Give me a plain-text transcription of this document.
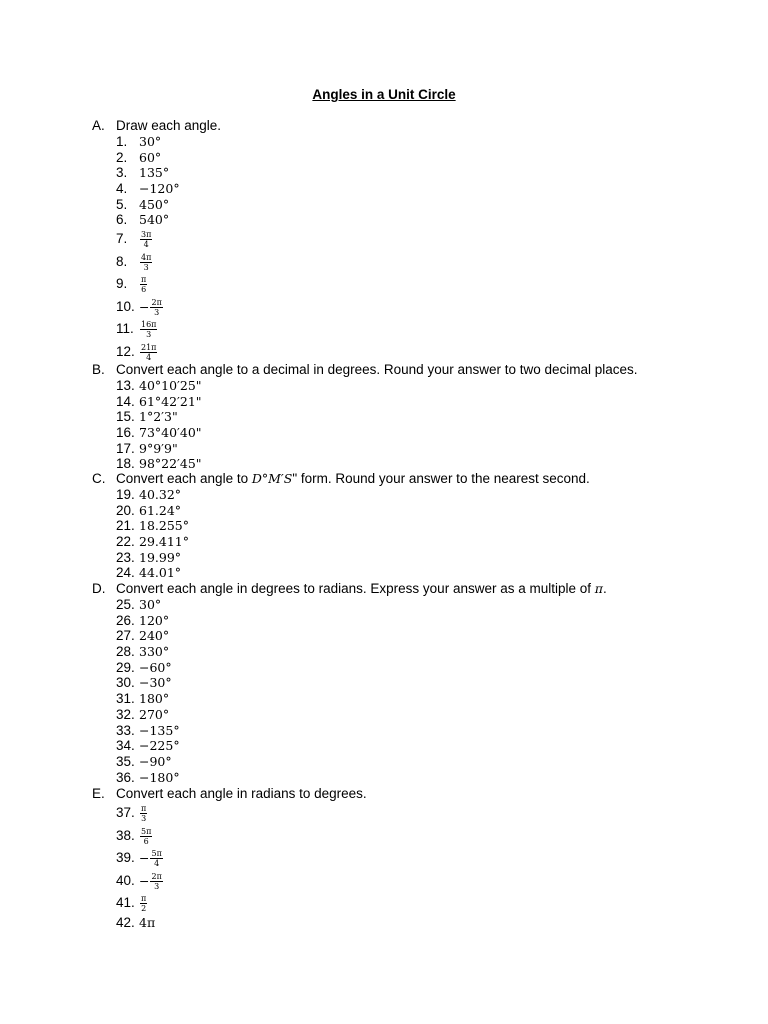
Angles in a Unit Circle
A. Draw each angle.
1. 30°
2. 60°
3. 135°
4. −120°
5. 450°
6. 540°
7. $\frac{3\pi}{4}$
8. $\frac{4\pi}{3}$
9. $\frac{\pi}{6}$
10. − $\frac{2\pi}{3}$
11. $\frac{16\pi}{3}$
12. $\frac{21\pi}{4}$
B. Convert each angle to a decimal in degrees. Round your answer to two decimal places.
13. 40°10′25"
14. 61°42′21"
15. 1°2′3"
16. 73°40′40"
17. 9°9′9"
18. 98°22′45"
C. Convert each angle to D°M′S" form. Round your answer to the nearest second.
19. 40.32°
20. 61.24°
21. 18.255°
22. 29.411°
23. 19.99°
24. 44.01°
D. Convert each angle in degrees to radians. Express your answer as a multiple of π.
25. 30°
26. 120°
27. 240°
28. 330°
29. −60°
30. −30°
31. 180°
32. 270°
33. −135°
34. −225°
35. −90°
36. −180°
E. Convert each angle in radians to degrees.
37. $\frac{\pi}{3}$
38. $\frac{5\pi}{6}$
39. − $\frac{5\pi}{4}$
40. − $\frac{2\pi}{3}$
41. $\frac{\pi}{2}$
42. 4π
